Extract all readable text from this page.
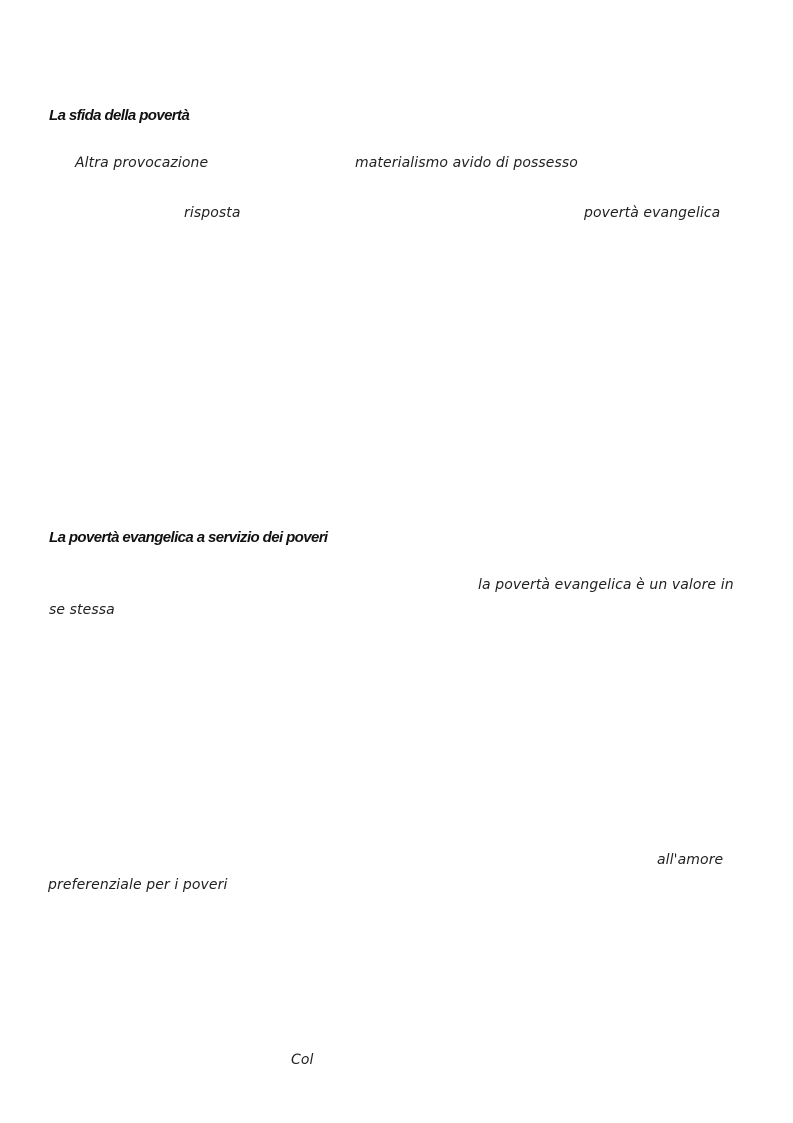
La sfida della povertà
Altra provocazione	materialismo avido di possesso
risposta	povertà evangelica
La povertà evangelica a servizio dei poveri
la povertà evangelica è un valore in
se stessa
all'amore
preferenziale per i poveri
Col
